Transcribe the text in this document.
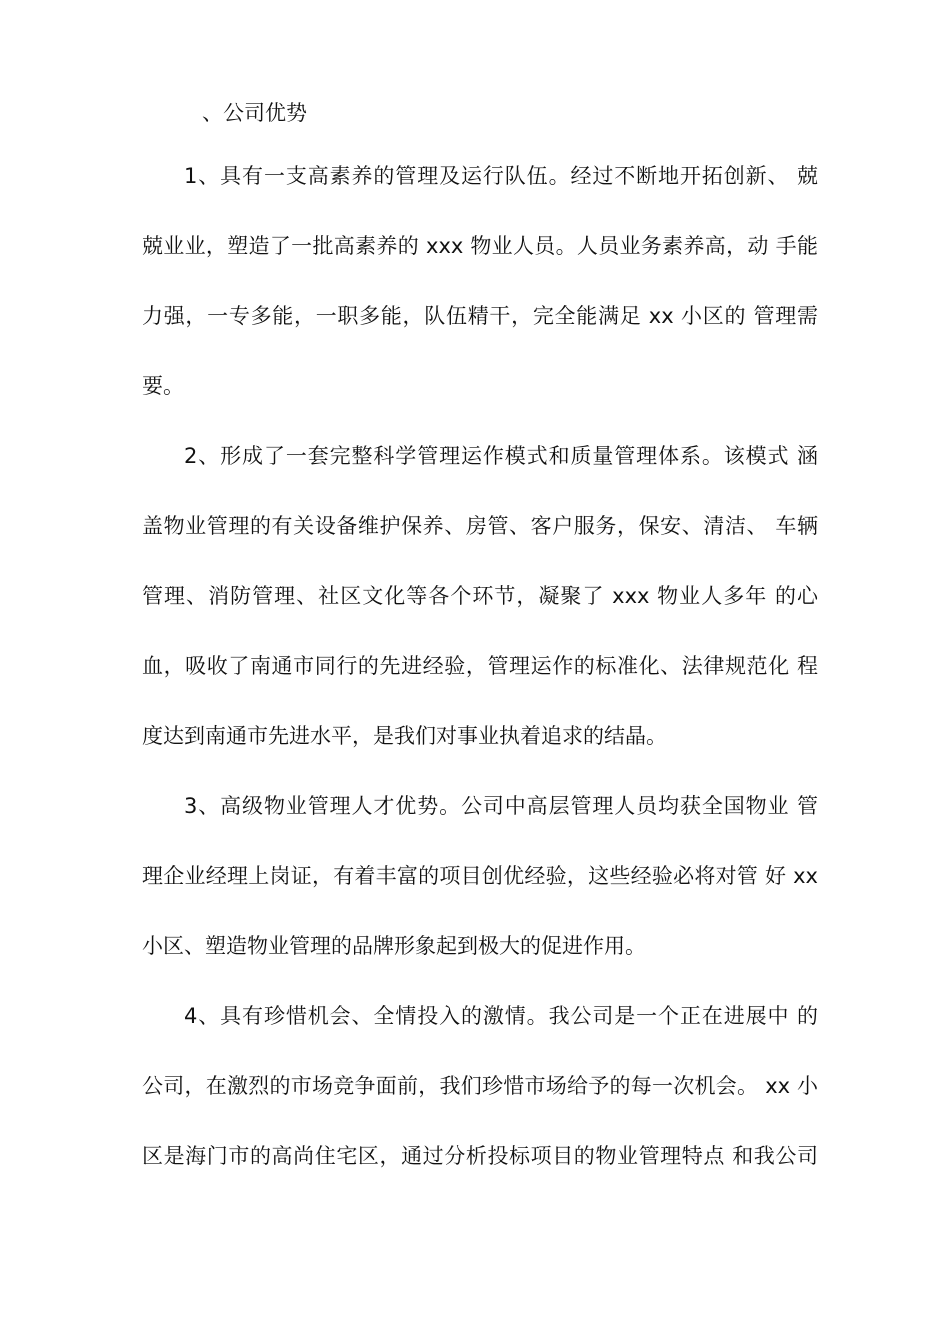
、公司优势
1、具有一支高素养的管理及运行队伍。经过不断地开拓创新、 兢
兢业业，塑造了一批高素养的 xxx 物业人员。人员业务素养高，动 手能
力强，一专多能，一职多能，队伍精干，完全能满足 xx 小区的 管理需
要。
2、形成了一套完整科学管理运作模式和质量管理体系。该模式 涵
盖物业管理的有关设备维护保养、房管、客户服务，保安、清洁、 车辆
管理、消防管理、社区文化等各个环节，凝聚了 xxx 物业人多年 的心
血，吸收了南通市同行的先进经验，管理运作的标准化、法律规范化 程
度达到南通市先进水平，是我们对事业执着追求的结晶。
3、高级物业管理人才优势。公司中高层管理人员均获全国物业 管
理企业经理上岗证，有着丰富的项目创优经验，这些经验必将对管 好 xx
小区、塑造物业管理的品牌形象起到极大的促进作用。
4、具有珍惜机会、全情投入的激情。我公司是一个正在进展中 的
公司，在激烈的市场竞争面前，我们珍惜市场给予的每一次机会。 xx 小
区是海门市的高尚住宅区，通过分析投标项目的物业管理特点 和我公司
